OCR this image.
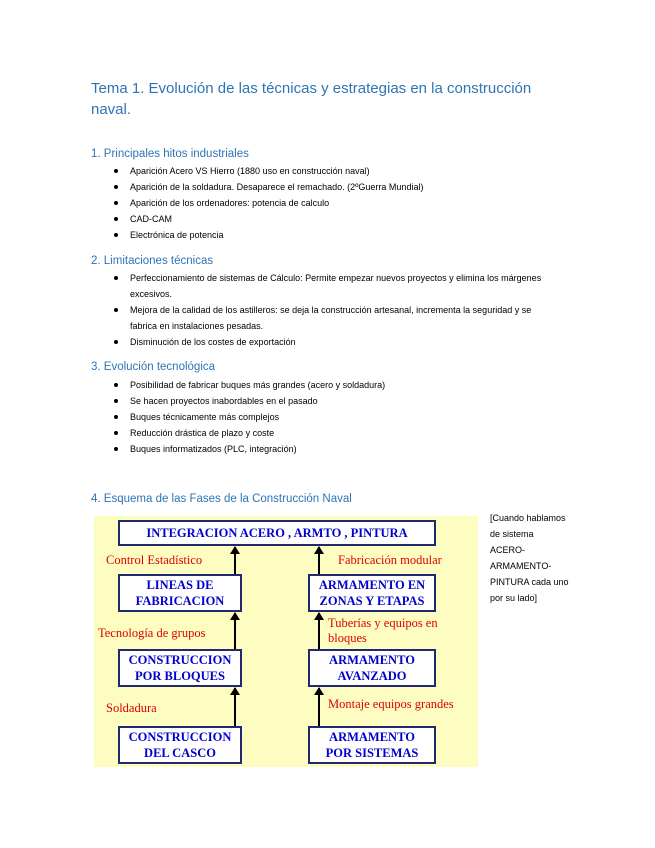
Tema 1. Evolución de las técnicas y estrategias en la construcción naval.
1. Principales hitos industriales
Aparición Acero VS Hierro (1880 uso en construcción naval)
Aparición de la soldadura. Desaparece el remachado. (2ºGuerra Mundial)
Aparición de los ordenadores: potencia de calculo
CAD-CAM
Electrónica de potencia
2. Limitaciones técnicas
Perfeccionamiento de sistemas de Cálculo: Permite empezar nuevos proyectos y elimina los márgenes excesivos.
Mejora de la calidad de los astilleros: se deja la construcción artesanal, incrementa la seguridad y se fabrica en instalaciones pesadas.
Disminución de los costes de exportación
3. Evolución tecnológica
Posibilidad de fabricar buques más grandes (acero y soldadura)
Se hacen proyectos inabordables en el pasado
Buques técnicamente más complejos
Reducción drástica de plazo y coste
Buques informatizados (PLC, integración)
4. Esquema de las Fases de la Construcción Naval
INTEGRACION ACERO , ARMTO , PINTURA
LINEAS DE FABRICACION
CONSTRUCCION POR BLOQUES
CONSTRUCCION DEL CASCO
ARMAMENTO EN ZONAS Y ETAPAS
ARMAMENTO AVANZADO
ARMAMENTO POR SISTEMAS
Control Estadístico
Tecnología de grupos
Soldadura
Fabricación modular
Tuberías y equipos en bloques
Montaje equipos grandes
[Cuando hablamos de sistema ACERO-ARMAMENTO-PINTURA cada uno por su lado]
